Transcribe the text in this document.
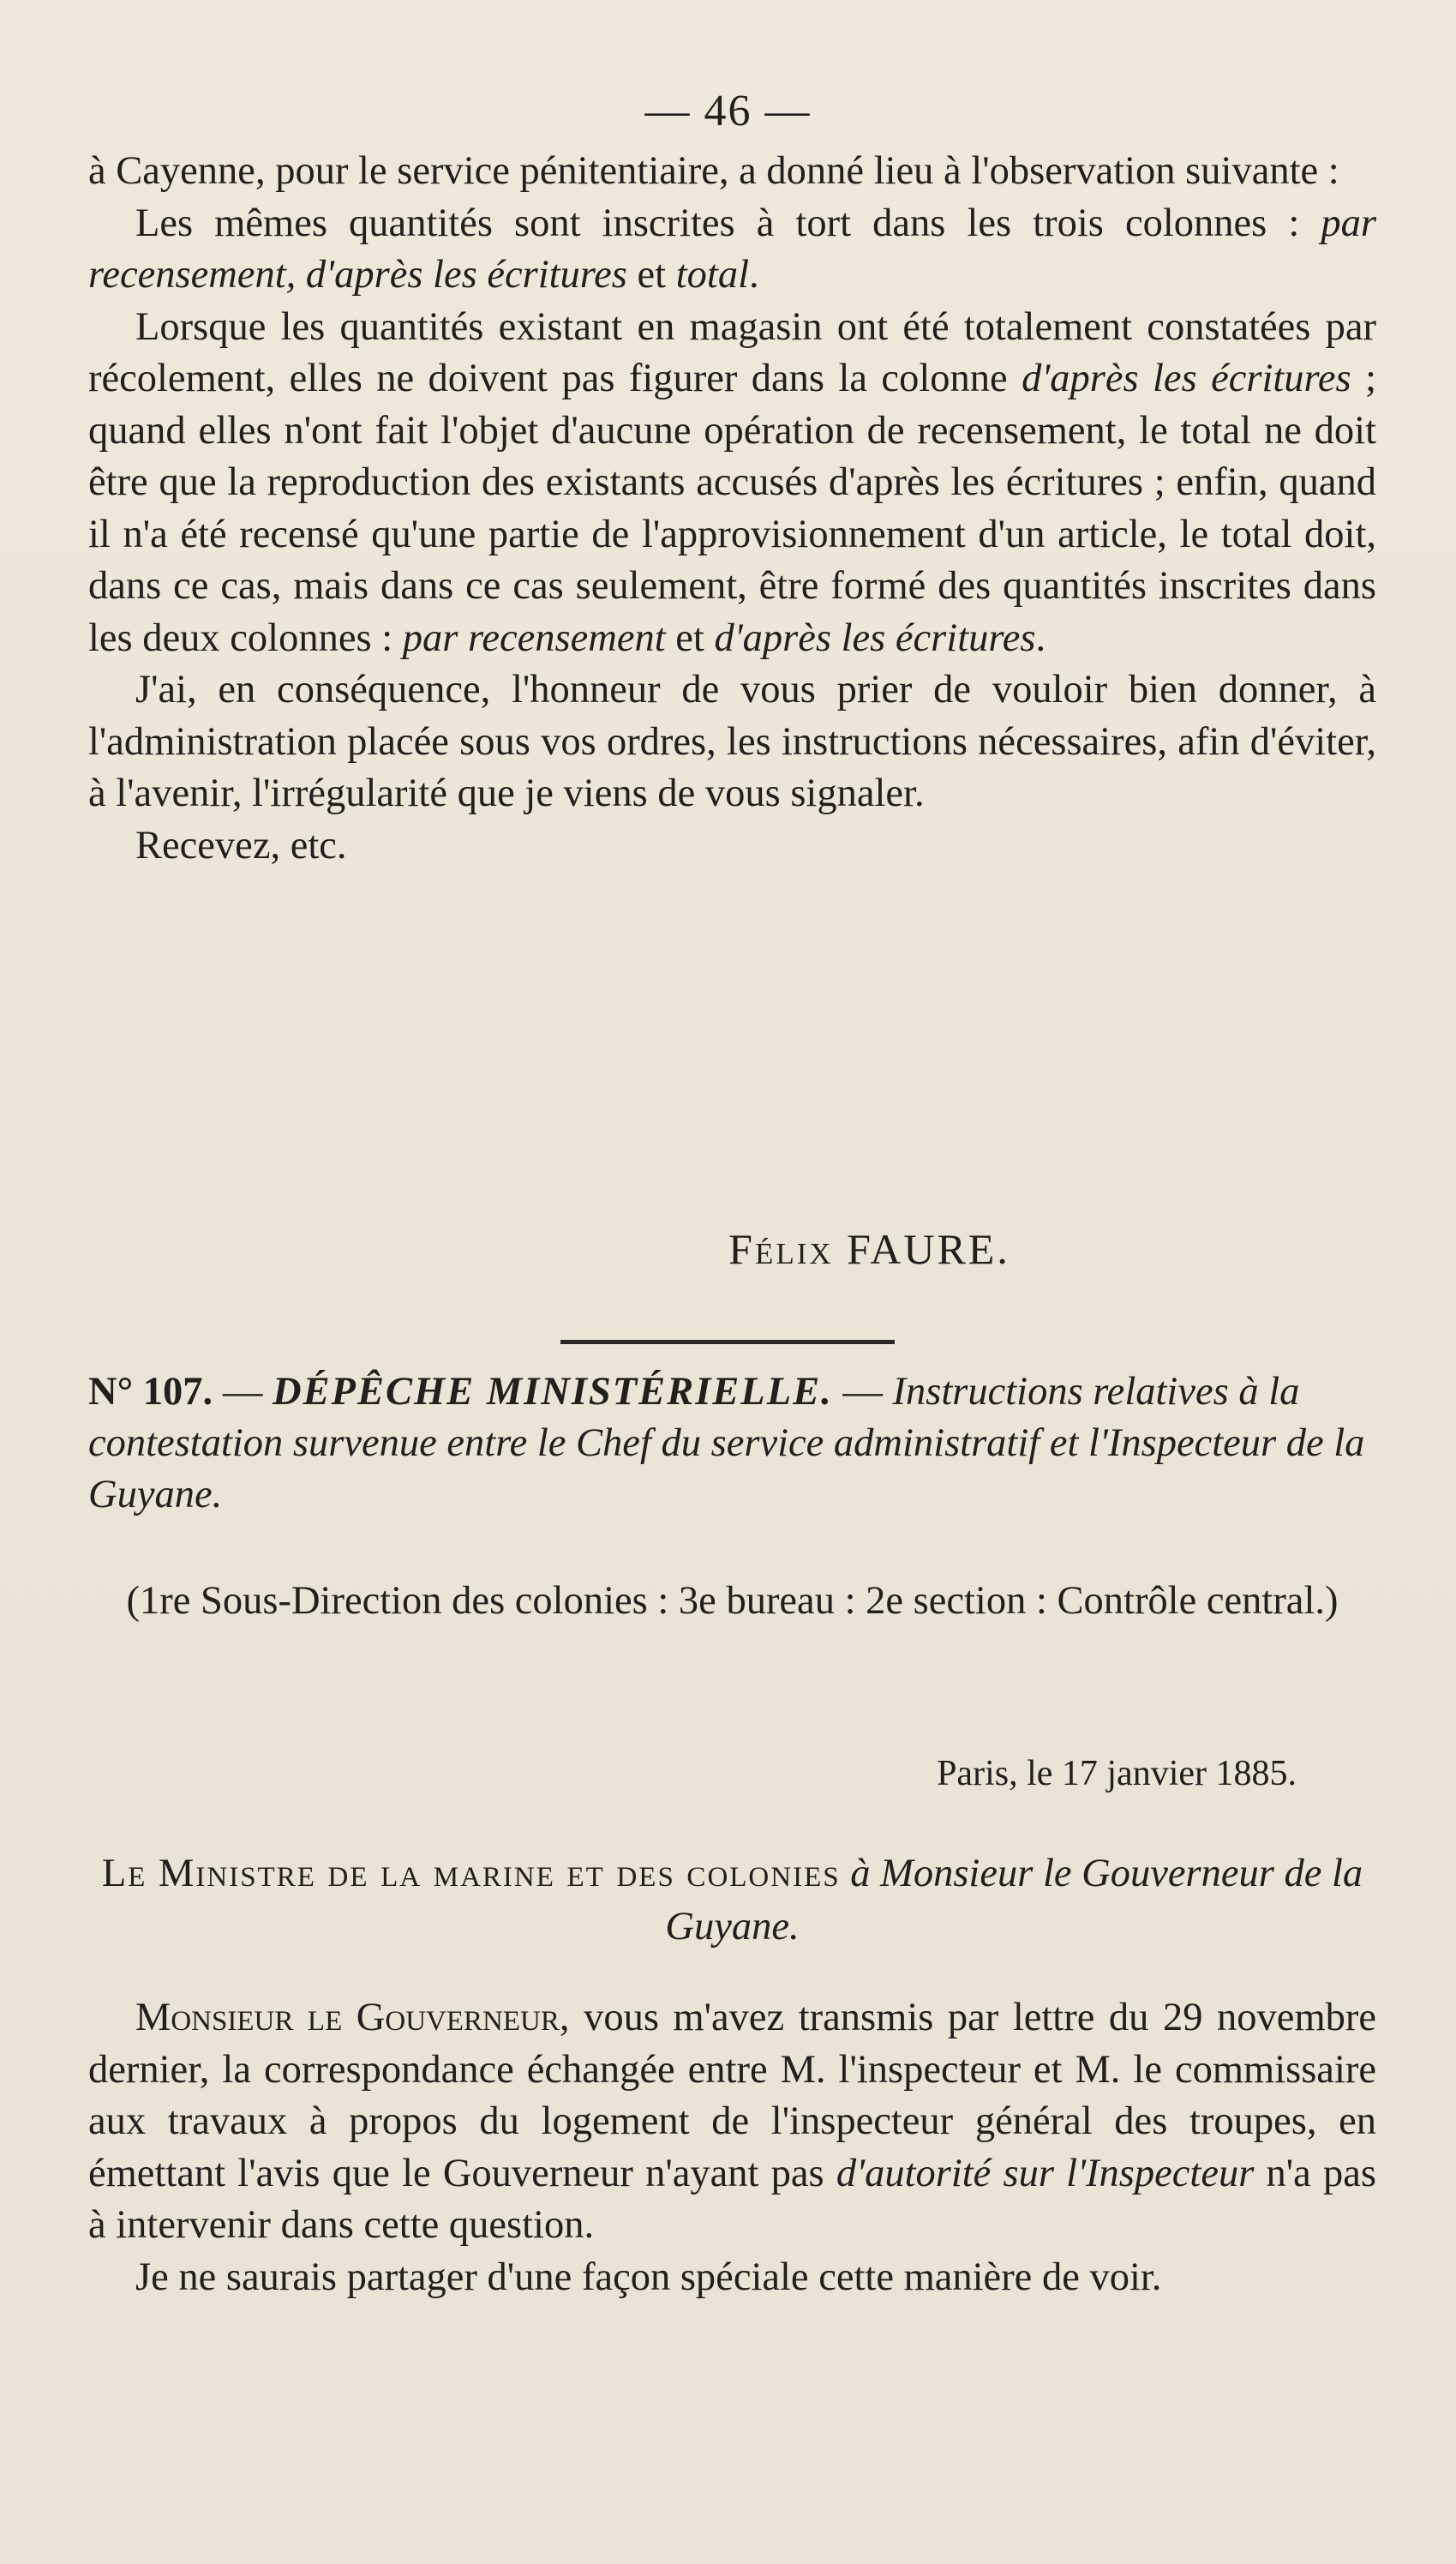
— 46 —

à Cayenne, pour le service pénitentiaire, a donné lieu à l'observation suivante :

Les mêmes quantités sont inscrites à tort dans les trois colonnes : par recensement, d'après les écritures et total.

Lorsque les quantités existant en magasin ont été totalement constatées par récolement, elles ne doivent pas figurer dans la colonne d'après les écritures ; quand elles n'ont fait l'objet d'aucune opération de recensement, le total ne doit être que la reproduction des existants accusés d'après les écritures ; enfin, quand il n'a été recensé qu'une partie de l'approvisionnement d'un article, le total doit, dans ce cas, mais dans ce cas seulement, être formé des quantités inscrites dans les deux colonnes : par recensement et d'après les écritures.

J'ai, en conséquence, l'honneur de vous prier de vouloir bien donner, à l'administration placée sous vos ordres, les instructions nécessaires, afin d'éviter, à l'avenir, l'irrégularité que je viens de vous signaler.

Recevez, etc.

Félix FAURE.
N° 107. — DÉPÊCHE MINISTÉRIELLE. — Instructions relatives à la contestation survenue entre le Chef du service administratif et l'Inspecteur de la Guyane.
(1re Sous-Direction des colonies : 3e bureau : 2e section : Contrôle central.)
Paris, le 17 janvier 1885.
Le Ministre de la marine et des colonies à Monsieur le Gouverneur de la Guyane.

Monsieur le Gouverneur, vous m'avez transmis par lettre du 29 novembre dernier, la correspondance échangée entre M. l'inspecteur et M. le commissaire aux travaux à propos du logement de l'inspecteur général des troupes, en émettant l'avis que le Gouverneur n'ayant pas d'autorité sur l'Inspecteur n'a pas à intervenir dans cette question.

Je ne saurais partager d'une façon spéciale cette manière de voir.
